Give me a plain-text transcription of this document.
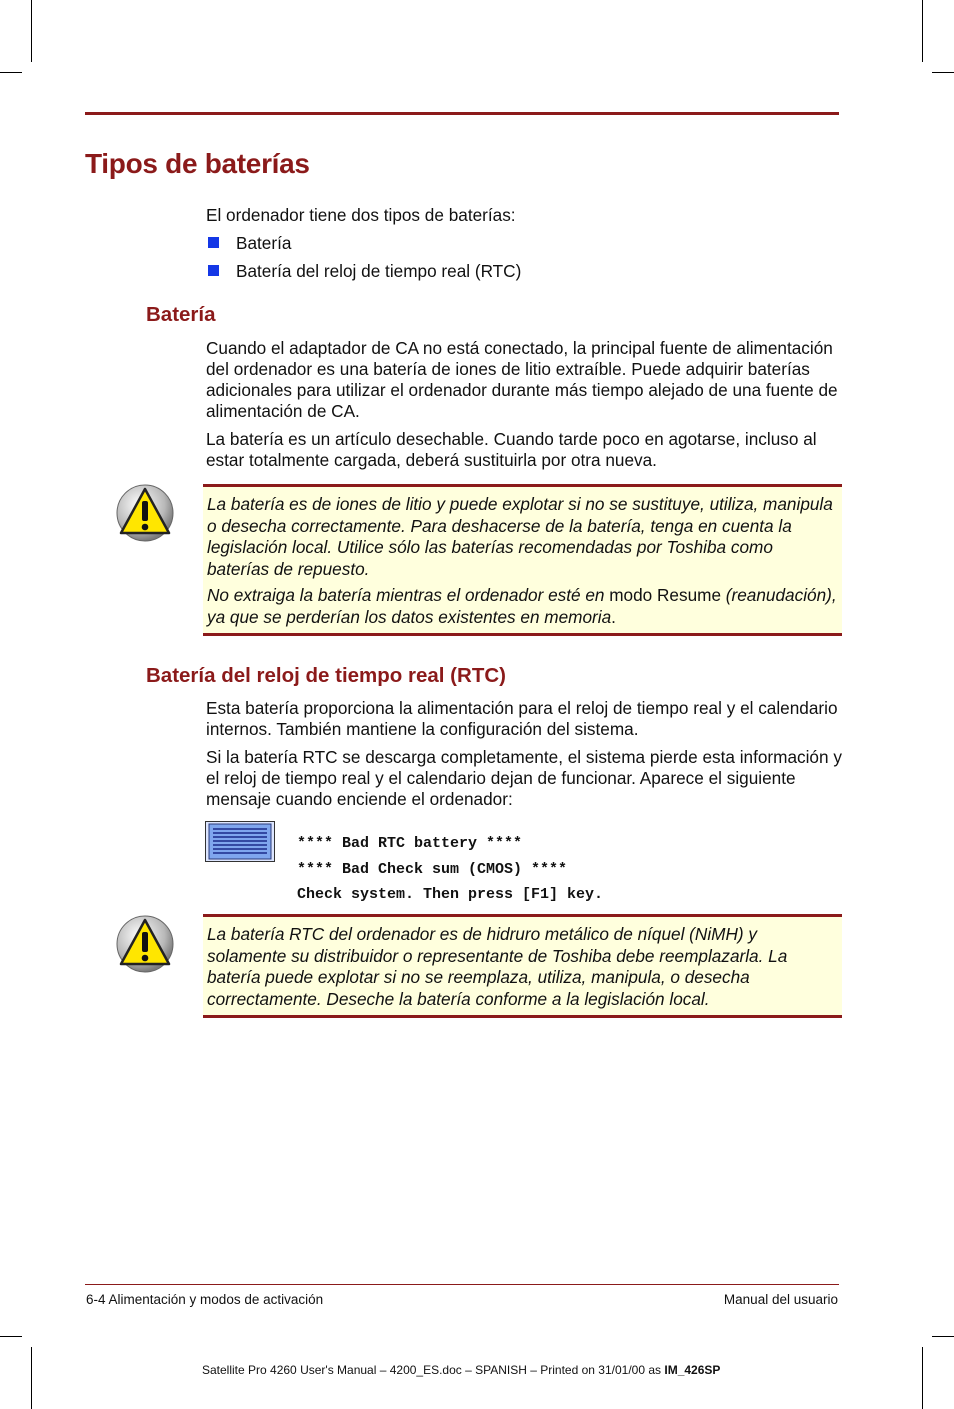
Tipos de baterías

El ordenador tiene dos tipos de baterías:

Batería
Batería del reloj de tiempo real (RTC)
Batería

Cuando el adaptador de CA no está conectado, la principal fuente de alimentación del ordenador es una batería de iones de litio extraíble. Puede adquirir baterías adicionales para utilizar el ordenador durante más tiempo alejado de una fuente de alimentación de CA.

La batería es un artículo desechable. Cuando tarde poco en agotarse, incluso al estar totalmente cargada, deberá sustituirla por otra nueva.

La batería es de iones de litio y puede explotar si no se sustituye, utiliza, manipula o desecha correctamente. Para deshacerse de la batería, tenga en cuenta la legislación local. Utilice sólo las baterías recomendadas por Toshiba como baterías de repuesto.

No extraiga la batería mientras el ordenador esté en modo Resume (reanudación), ya que se perderían los datos existentes en memoria.

Batería del reloj de tiempo real (RTC)

Esta batería proporciona la alimentación para el reloj de tiempo real y el calendario internos. También mantiene la configuración del sistema.

Si la batería RTC se descarga completamente, el sistema pierde esta información y el reloj de tiempo real y el calendario dejan de funcionar. Aparece el siguiente mensaje cuando enciende el ordenador:

**** Bad RTC battery ****
**** Bad Check sum (CMOS) ****
Check system. Then press [F1] key.

La batería RTC del ordenador es de hidruro metálico de níquel (NiMH) y solamente su distribuidor o representante de Toshiba debe reemplazarla. La batería puede explotar si no se reemplaza, utiliza, manipula, o desecha correctamente. Deseche la batería conforme a la legislación local.

6-4 Alimentación y modos de activación	Manual del usuario
Satellite Pro 4260 User's Manual – 4200_ES.doc – SPANISH – Printed on 31/01/00 as IM_426SP
